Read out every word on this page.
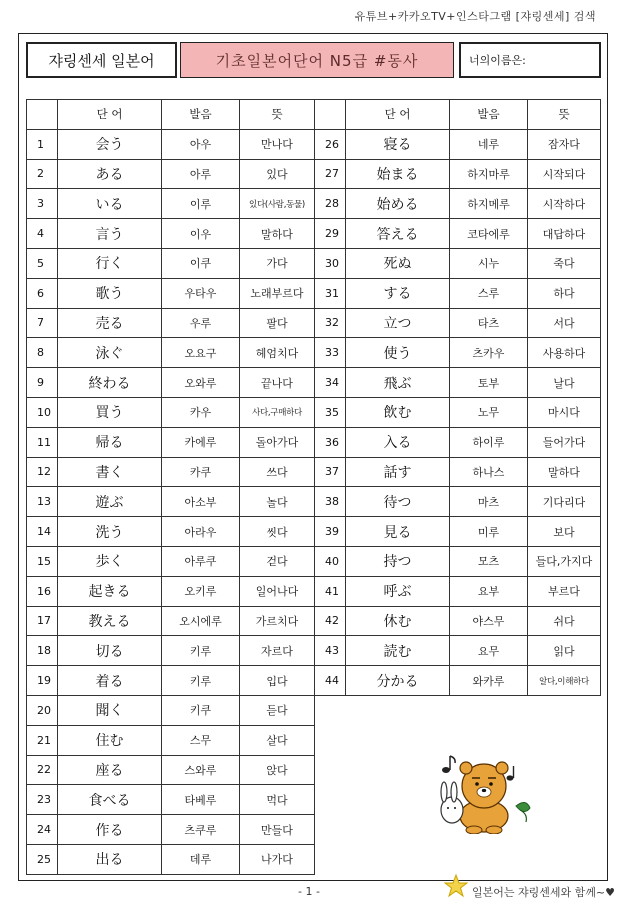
유튜브+카카오TV+인스타그램 [쟈링센세] 검색
쟈링센세 일본어	기초일본어단어 N5급 #동사	너의이름은:
	단 어	발음	뜻
1	会う	아우	만나다
2	ある	아루	있다
3	いる	이루	있다(사람,동물)
4	言う	이우	말하다
5	行く	이쿠	가다
6	歌う	우타우	노래부르다
7	売る	우루	팔다
8	泳ぐ	오요구	헤엄치다
9	終わる	오와루	끝나다
10	買う	카우	사다,구매하다
11	帰る	카에루	돌아가다
12	書く	카쿠	쓰다
13	遊ぶ	아소부	놀다
14	洗う	아라우	씻다
15	歩く	아루쿠	걷다
16	起きる	오키루	일어나다
17	教える	오시에루	가르치다
18	切る	키루	자르다
19	着る	키루	입다
20	聞く	키쿠	듣다
21	住む	스무	살다
22	座る	스와루	앉다
23	食べる	타베루	먹다
24	作る	츠쿠루	만들다
25	出る	데루	나가다
	단 어	발음	뜻
26	寝る	네루	잠자다
27	始まる	하지마루	시작되다
28	始める	하지메루	시작하다
29	答える	코타에루	대답하다
30	死ぬ	시누	죽다
31	する	스루	하다
32	立つ	타츠	서다
33	使う	츠카우	사용하다
34	飛ぶ	토부	날다
35	飲む	노무	마시다
36	入る	하이루	들어가다
37	話す	하나스	말하다
38	待つ	마츠	기다리다
39	見る	미루	보다
40	持つ	모츠	들다,가지다
41	呼ぶ	요부	부르다
42	休む	야스무	쉬다
43	読む	요무	읽다
44	分かる	와카루	알다,이해하다

- 1 -	일본어는 쟈링센세와 함께~♥
